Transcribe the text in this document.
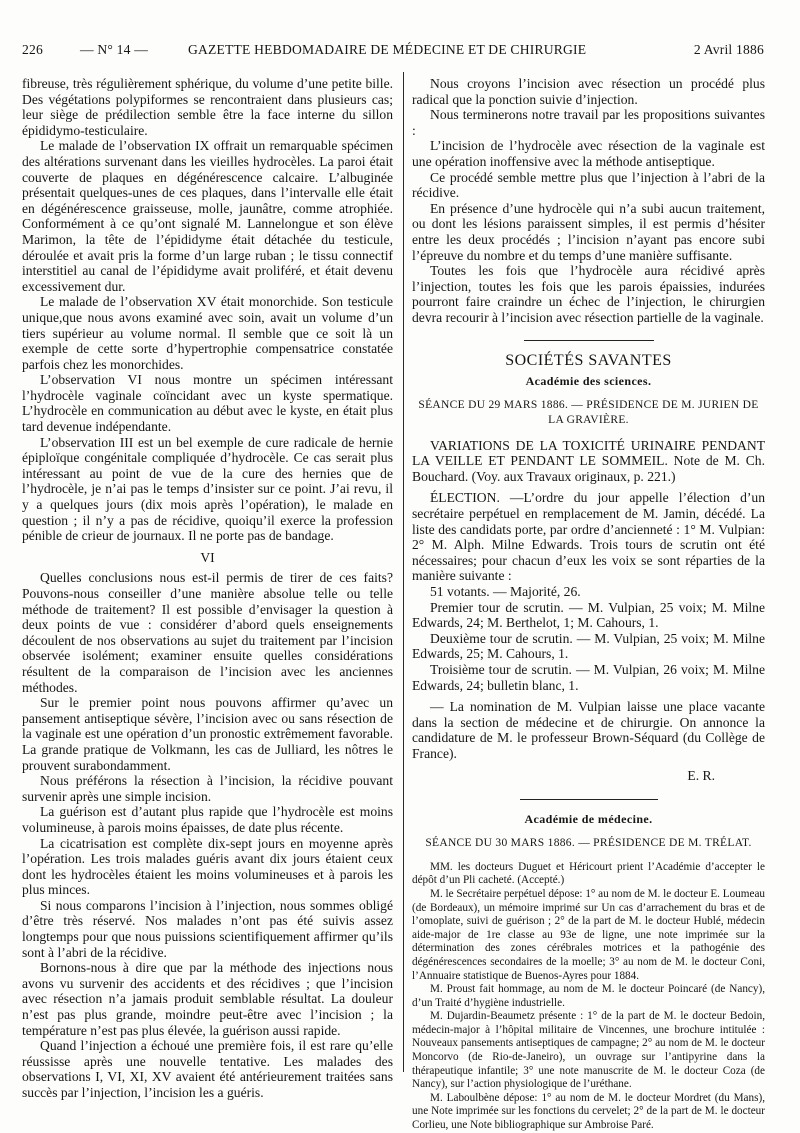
226	— N° 14 —	GAZETTE HEBDOMADAIRE DE MÉDECINE ET DE CHIRURGIE	2 Avril 1886

fibreuse, très régulièrement sphérique, du volume d’une petite bille. Des végétations polypiformes se rencontraient dans plusieurs cas; leur siège de prédilection semble être la face interne du sillon épididymo-testiculaire.

Le malade de l’observation IX offrait un remarquable spécimen des altérations survenant dans les vieilles hydrocèles. La paroi était couverte de plaques en dégénérescence calcaire. L’albuginée présentait quelques-unes de ces plaques, dans l’intervalle elle était en dégénérescence graisseuse, molle, jaunâtre, comme atrophiée. Conformément à ce qu’ont signalé M. Lannelongue et son élève Marimon, la tête de l’épididyme était détachée du testicule, déroulée et avait pris la forme d’un large ruban ; le tissu connectif interstitiel au canal de l’épididyme avait proliféré, et était devenu excessivement dur.

Le malade de l’observation XV était monorchide. Son testicule unique,que nous avons examiné avec soin, avait un volume d’un tiers supérieur au volume normal. Il semble que ce soit là un exemple de cette sorte d’hypertrophie compensatrice constatée parfois chez les monorchides.

L’observation VI nous montre un spécimen intéressant l’hydrocèle vaginale coïncidant avec un kyste spermatique. L’hydrocèle en communication au début avec le kyste, en était plus tard devenue indépendante.

L’observation III est un bel exemple de cure radicale de hernie épiploïque congénitale compliquée d’hydrocèle. Ce cas serait plus intéressant au point de vue de la cure des hernies que de l’hydrocèle, je n’ai pas le temps d’insister sur ce point. J’ai revu, il y a quelques jours (dix mois après l’opération), le malade en question ; il n’y a pas de récidive, quoiqu’il exerce la profession pénible de crieur de journaux. Il ne porte pas de bandage.

VI

Quelles conclusions nous est-il permis de tirer de ces faits? Pouvons-nous conseiller d’une manière absolue telle ou telle méthode de traitement? Il est possible d’envisager la question à deux points de vue : considérer d’abord quels enseignements découlent de nos observations au sujet du traitement par l’incision observée isolément; examiner ensuite quelles considérations résultent de la comparaison de l’incision avec les anciennes méthodes.

Sur le premier point nous pouvons affirmer qu’avec un pansement antiseptique sévère, l’incision avec ou sans résection de la vaginale est une opération d’un pronostic extrêmement favorable. La grande pratique de Volkmann, les cas de Julliard, les nôtres le prouvent surabondamment.

Nous préférons la résection à l’incision, la récidive pouvant survenir après une simple incision.

La guérison est d’autant plus rapide que l’hydrocèle est moins volumineuse, à parois moins épaisses, de date plus récente.

La cicatrisation est complète dix-sept jours en moyenne après l’opération. Les trois malades guéris avant dix jours étaient ceux dont les hydrocèles étaient les moins volumineuses et à parois les plus minces.

Si nous comparons l’incision à l’injection, nous sommes obligé d’être très réservé. Nos malades n’ont pas été suivis assez longtemps pour que nous puissions scientifiquement affirmer qu’ils sont à l’abri de la récidive.

Bornons-nous à dire que par la méthode des injections nous avons vu survenir des accidents et des récidives ; que l’incision avec résection n’a jamais produit semblable résultat. La douleur n’est pas plus grande, moindre peut-être avec l’incision ; la température n’est pas plus élevée, la guérison aussi rapide.

Quand l’injection a échoué une première fois, il est rare qu’elle réussisse après une nouvelle tentative. Les malades des observations I, VI, XI, XV avaient été antérieurement traitées sans succès par l’injection, l’incision les a guéris.

Nous croyons l’incision avec résection un procédé plus radical que la ponction suivie d’injection.

Nous terminerons notre travail par les propositions suivantes :

L’incision de l’hydrocèle avec résection de la vaginale est une opération inoffensive avec la méthode antiseptique.

Ce procédé semble mettre plus que l’injection à l’abri de la récidive.

En présence d’une hydrocèle qui n’a subi aucun traitement, ou dont les lésions paraissent simples, il est permis d’hésiter entre les deux procédés ; l’incision n’ayant pas encore subi l’épreuve du nombre et du temps d’une manière suffisante.

Toutes les fois que l’hydrocèle aura récidivé après l’injection, toutes les fois que les parois épaissies, indurées pourront faire craindre un échec de l’injection, le chirurgien devra recourir à l’incision avec résection partielle de la vaginale.

SOCIÉTÉS SAVANTES

Académie des sciences.

SÉANCE DU 29 MARS 1886. — PRÉSIDENCE DE M. JURIEN DE LA GRAVIÈRE.

VARIATIONS DE LA TOXICITÉ URINAIRE PENDANT LA VEILLE ET PENDANT LE SOMMEIL. Note de M. Ch. Bouchard. (Voy. aux Travaux originaux, p. 221.)

ÉLECTION. —L’ordre du jour appelle l’élection d’un secrétaire perpétuel en remplacement de M. Jamin, décédé. La liste des candidats porte, par ordre d’ancienneté : 1° M. Vulpian: 2° M. Alph. Milne Edwards. Trois tours de scrutin ont été nécessaires; pour chacun d’eux les voix se sont réparties de la manière suivante :

51 votants. — Majorité, 26.

Premier tour de scrutin. — M. Vulpian, 25 voix; M. Milne Edwards, 24; M. Berthelot, 1; M. Cahours, 1.

Deuxième tour de scrutin. — M. Vulpian, 25 voix; M. Milne Edwards, 25; M. Cahours, 1.

Troisième tour de scrutin. — M. Vulpian, 26 voix; M. Milne Edwards, 24; bulletin blanc, 1.

— La nomination de M. Vulpian laisse une place vacante dans la section de médecine et de chirurgie. On annonce la candidature de M. le professeur Brown-Séquard (du Collège de France).

E. R.

Académie de médecine.

SÉANCE DU 30 MARS 1886. — PRÉSIDENCE DE M. TRÉLAT.

MM. les docteurs Duguet et Héricourt prient l’Académie d’accepter le dépôt d’un Pli cacheté. (Accepté.)

M. le Secrétaire perpétuel dépose: 1° au nom de M. le docteur E. Loumeau (de Bordeaux), un mémoire imprimé sur Un cas d’arrachement du bras et de l’omoplate, suivi de guérison ; 2° de la part de M. le docteur Hublé, médecin aide-major de 1re classe au 93e de ligne, une note imprimée sur la détermination des zones cérébrales motrices et la pathogénie des dégénérescences secondaires de la moelle; 3° au nom de M. le docteur Coni, l’Annuaire statistique de Buenos-Ayres pour 1884.

M. Proust fait hommage, au nom de M. le docteur Poincaré (de Nancy), d’un Traité d’hygiène industrielle.

M. Dujardin-Beaumetz présente : 1° de la part de M. le docteur Bedoin, médecin-major à l’hôpital militaire de Vincennes, une brochure intitulée : Nouveaux pansements antiseptiques de campagne; 2° au nom de M. le docteur Moncorvo (de Rio-de-Janeiro), un ouvrage sur l’antipyrine dans la thérapeutique infantile; 3° une note manuscrite de M. le docteur Coza (de Nancy), sur l’action physiologique de l’uréthane.

M. Laboulbène dépose: 1° au nom de M. le docteur Mordret (du Mans), une Note imprimée sur les fonctions du cervelet; 2° de la part de M. le docteur Corlieu, une Note bibliographique sur Ambroise Paré.
